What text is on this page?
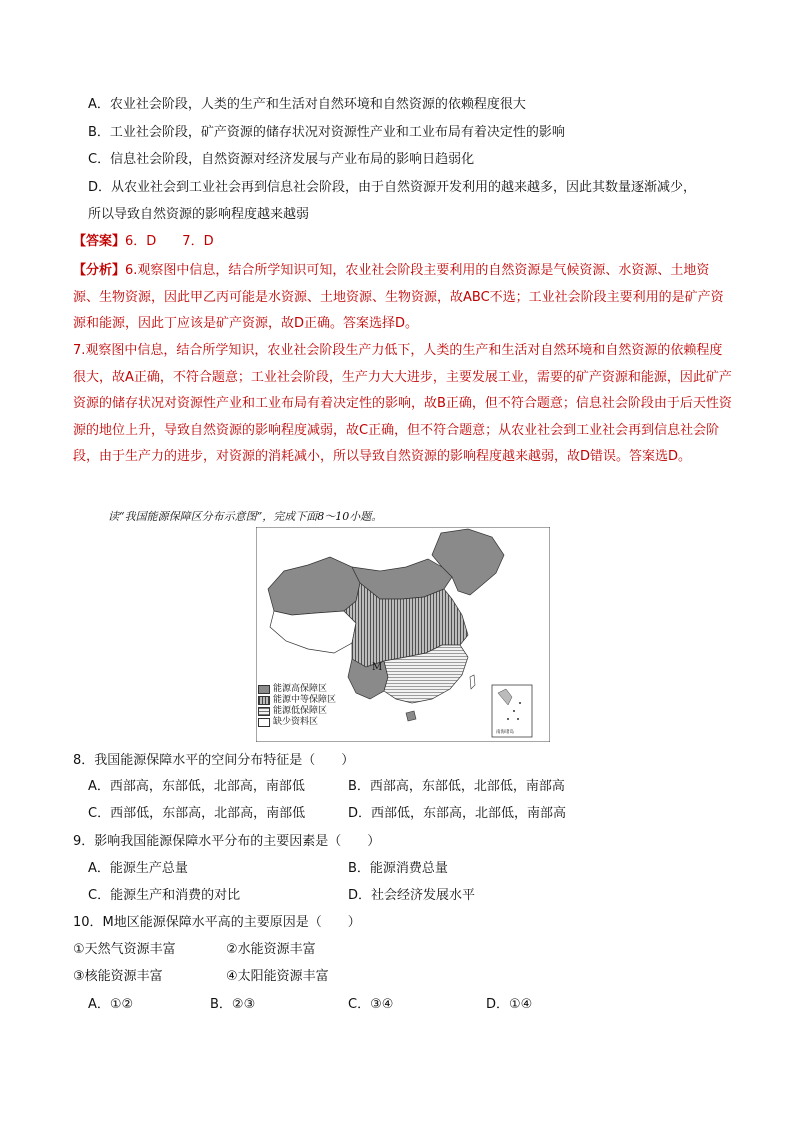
A．农业社会阶段，人类的生产和生活对自然环境和自然资源的依赖程度很大
B．工业社会阶段，矿产资源的储存状况对资源性产业和工业布局有着决定性的影响
C．信息社会阶段，自然资源对经济发展与产业布局的影响日趋弱化
D．从农业社会到工业社会再到信息社会阶段，由于自然资源开发利用的越来越多，因此其数量逐渐减少，
所以导致自然资源的影响程度越来越弱
【答案】6．D　　7．D
【分析】6.观察图中信息，结合所学知识可知，农业社会阶段主要利用的自然资源是气候资源、水资源、土地资源、生物资源，因此甲乙丙可能是水资源、土地资源、生物资源，故ABC不选；工业社会阶段主要利用的是矿产资源和能源，因此丁应该是矿产资源，故D正确。答案选择D。
7.观察图中信息，结合所学知识，农业社会阶段生产力低下，人类的生产和生活对自然环境和自然资源的依赖程度很大，故A正确，不符合题意；工业社会阶段，生产力大大进步，主要发展工业，需要的矿产资源和能源，因此矿产资源的储存状况对资源性产业和工业布局有着决定性的影响，故B正确，但不符合题意；信息社会阶段由于后天性资源的地位上升，导致自然资源的影响程度减弱，故C正确，但不符合题意；从农业社会到工业社会再到信息社会阶段，由于生产力的进步，对资源的消耗减小，所以导致自然资源的影响程度越来越弱，故D错误。答案选D。
读“我国能源保障区分布示意图”，完成下面8～10小题。
M
南海诸岛
能源高保障区
能源中等保障区
能源低保障区
缺少资料区
8．我国能源保障水平的空间分布特征是（　　）
A．西部高，东部低，北部高，南部低	B．西部高，东部低，北部低，南部高
C．西部低，东部高，北部高，南部低	D．西部低，东部高，北部低，南部高
9．影响我国能源保障水平分布的主要因素是（　　）
A．能源生产总量	B．能源消费总量
C．能源生产和消费的对比	D．社会经济发展水平
10．M地区能源保障水平高的主要原因是（　　）
①天然气资源丰富	②水能资源丰富
③核能资源丰富	④太阳能资源丰富
A．①②	B．②③	C．③④	D．①④
